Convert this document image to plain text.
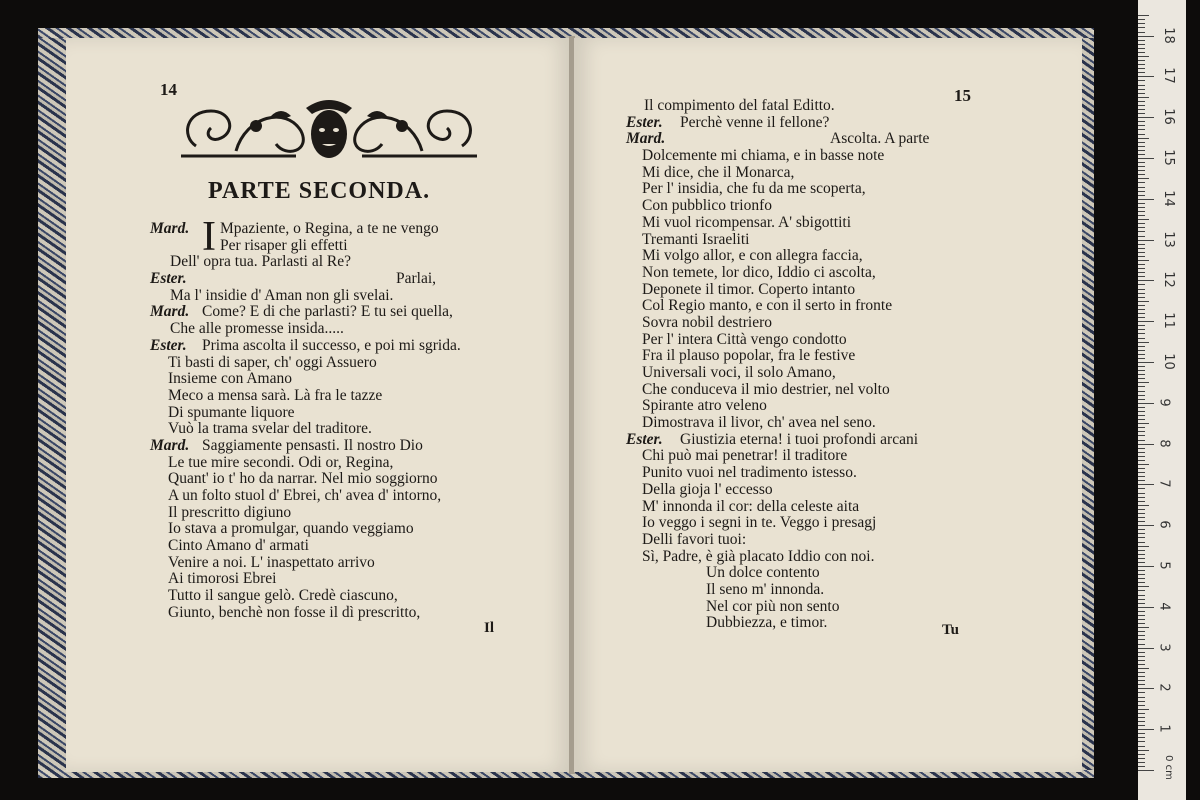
14
PARTE SECONDA.
I
Mard. Mpaziente, o Regina, a te ne vengo
Per risaper gli effetti
Dell' opra tua. Parlasti al Re?
Ester.	Parlai,
Ma l' insidie d' Aman non gli svelai.
Mard. Come? E di che parlasti? E tu sei quella,
Che alle promesse insida.....
Ester. Prima ascolta il successo, e poi mi sgrida.
Ti basti di saper, ch' oggi Assuero
Insieme con Amano
Meco a mensa sarà. Là fra le tazze
Di spumante liquore
Vuò la trama svelar del traditore.
Mard. Saggiamente pensasti. Il nostro Dio
Le tue mire secondi. Odi or, Regina,
Quant' io t' ho da narrar. Nel mio soggiorno
A un folto stuol d' Ebrei, ch' avea d' intorno,
Il prescritto digiuno
Io stava a promulgar, quando veggiamo
Cinto Amano d' armati
Venire a noi. L' inaspettato arrivo
Ai timorosi Ebrei
Tutto il sangue gelò. Credè ciascuno,
Giunto, benchè non fosse il dì prescritto,
Il
15
Il compimento del fatal Editto.
Ester. Perchè venne il fellone?
Mard.	Ascolta. A parte
Dolcemente mi chiama, e in basse note
Mi dice, che il Monarca,
Per l' insidia, che fu da me scoperta,
Con pubblico trionfo
Mi vuol ricompensar. A' sbigottiti
Tremanti Israeliti
Mi volgo allor, e con allegra faccia,
Non temete, lor dico, Iddio ci ascolta,
Deponete il timor. Coperto intanto
Col Regio manto, e con il serto in fronte
Sovra nobil destriero
Per l' intera Città vengo condotto
Fra il plauso popolar, fra le festive
Universali voci, il solo Amano,
Che conduceva il mio destrier, nel volto
Spirante atro veleno
Dimostrava il livor, ch' avea nel seno.
Ester. Giustizia eterna! i tuoi profondi arcani
Chi può mai penetrar! il traditore
Punito vuoi nel tradimento istesso.
Della gioja l' eccesso
M' innonda il cor: della celeste aita
Io veggo i segni in te. Veggo i presagj
Delli favori tuoi:
Sì, Padre, è già placato Iddio con noi.
Un dolce contento
Il seno m' innonda.
Nel cor più non sento
Dubbiezza, e timor.	Tu
1
2
3
4
5
6
7
8
9
10
11
12
13
14
15
16
17
18
0 cm
